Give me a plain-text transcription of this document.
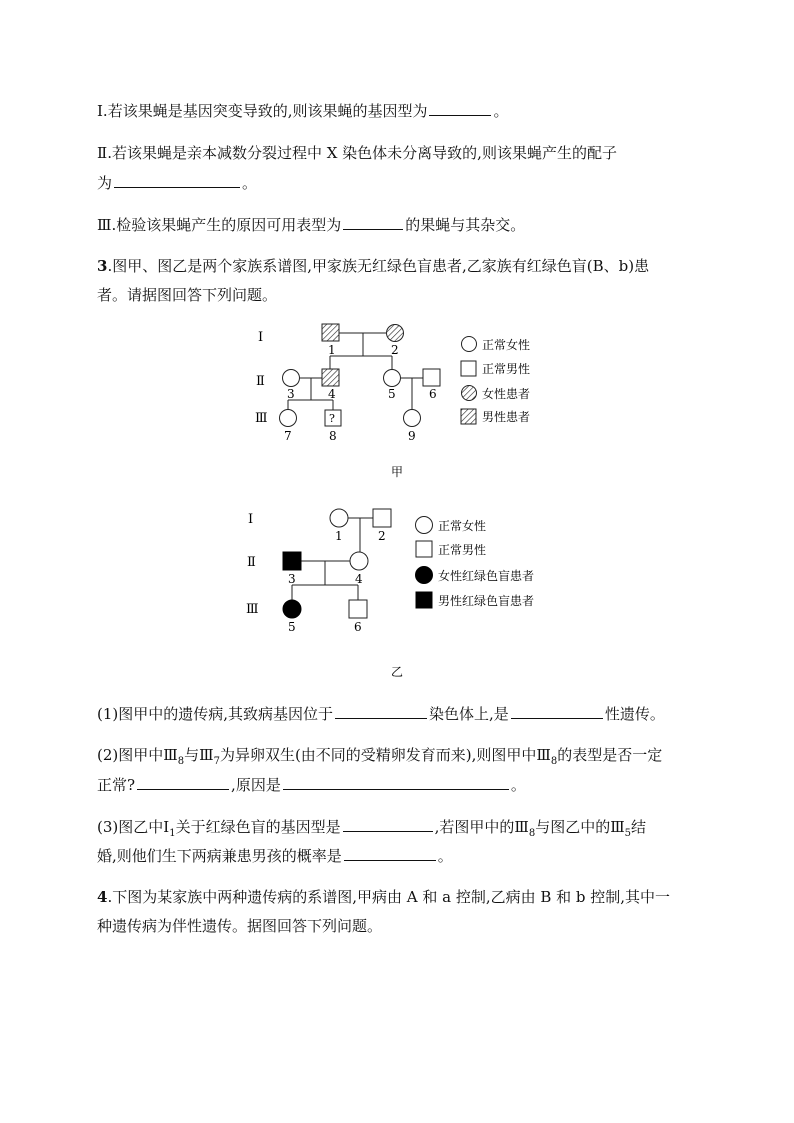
Ⅰ.若该果蝇是基因突变导致的,则该果蝇的基因型为	。
Ⅱ.若该果蝇是亲本减数分裂过程中 X 染色体未分离导致的,则该果蝇产生的配子
为	。
Ⅲ.检验该果蝇产生的原因可用表型为	的果蝇与其杂交。
3.图甲、图乙是两个家族系谱图,甲家族无红绿色盲患者,乙家族有红绿色盲(B、b)患
者。请据图回答下列问题。
Ⅰ
Ⅱ
Ⅲ
1	2
3	4	5	6
?
7	8	9
正常女性
正常男性
女性患者
男性患者
甲
Ⅰ
Ⅱ
Ⅲ
1	2
3	4
5	6
正常女性
正常男性
女性红绿色盲患者
男性红绿色盲患者
乙
(1)图甲中的遗传病,其致病基因位于	染色体上,是	性遗传。
(2)图甲中$Ⅲ_8$与$Ⅲ_7$为异卵双生(由不同的受精卵发育而来),则图甲中$Ⅲ_8$的表型是否一定
正常?	,原因是	。
(3)图乙中$Ⅰ_1$关于红绿色盲的基因型是	,若图甲中的$Ⅲ_8$与图乙中的$Ⅲ_5$结
婚,则他们生下两病兼患男孩的概率是	。
4.下图为某家族中两种遗传病的系谱图,甲病由 A 和 a 控制,乙病由 B 和 b 控制,其中一
种遗传病为伴性遗传。据图回答下列问题。
